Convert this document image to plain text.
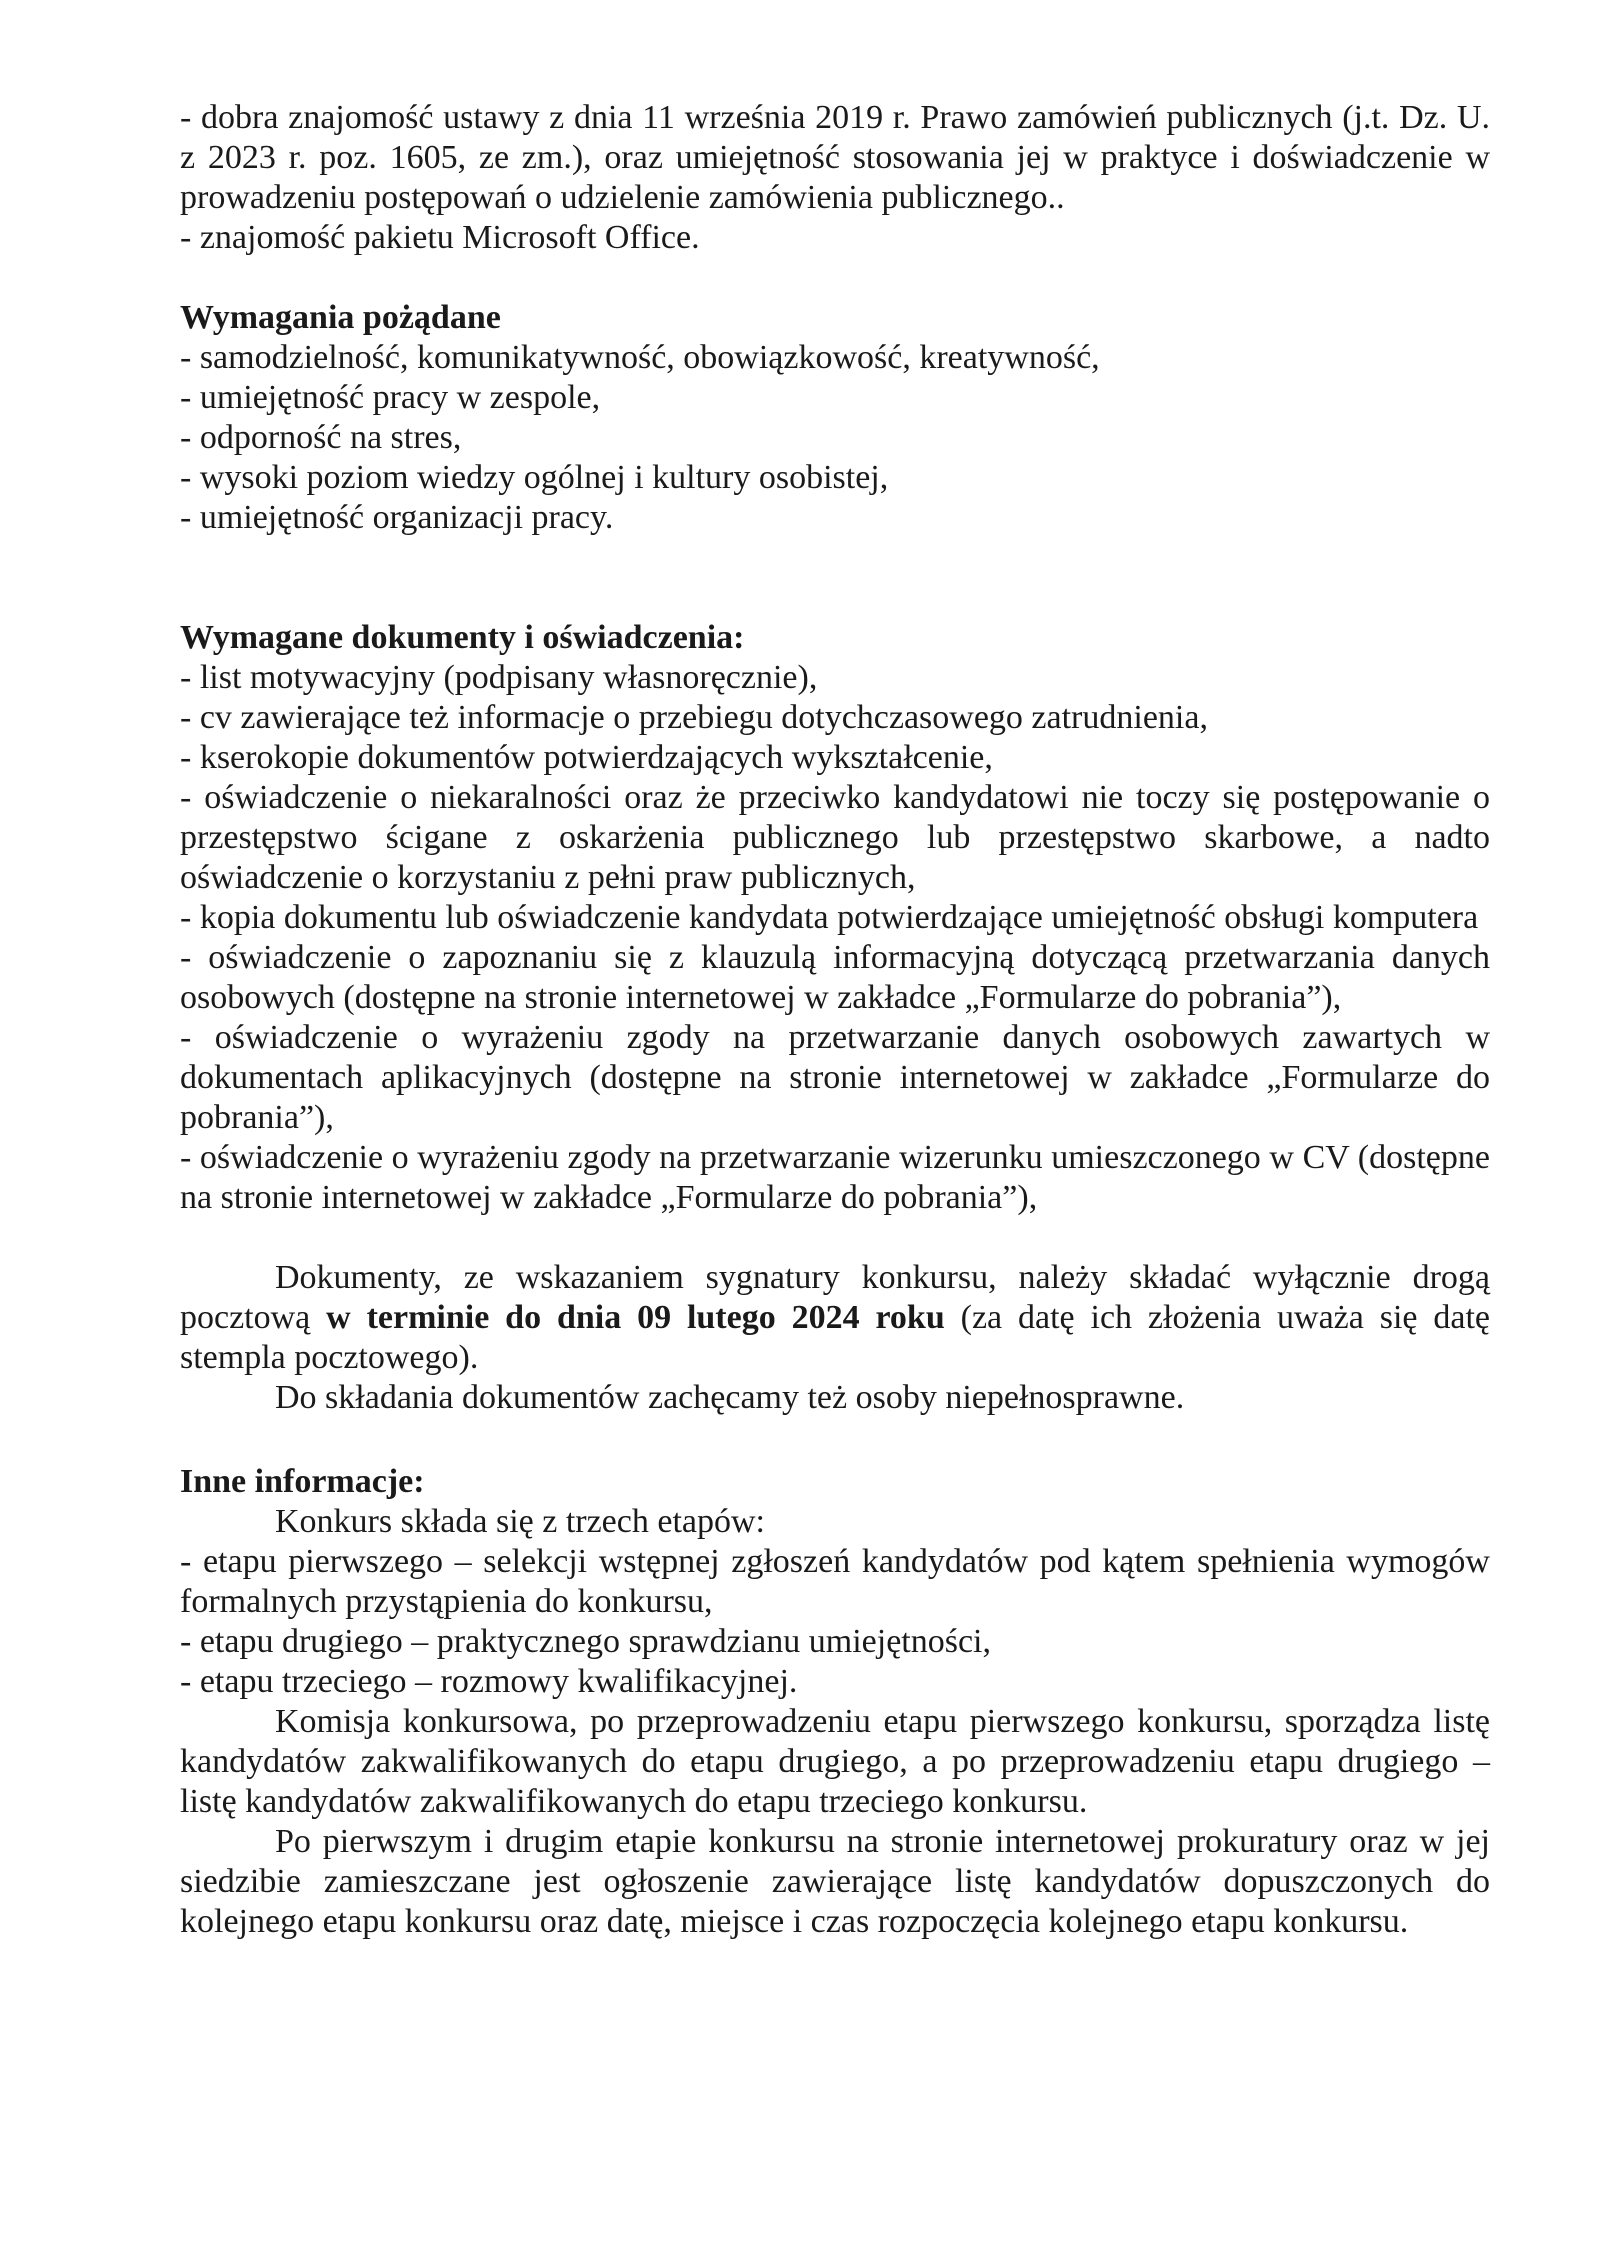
- dobra znajomość ustawy z dnia 11 września 2019 r. Prawo zamówień publicznych (j.t. Dz. U. z 2023 r. poz. 1605, ze zm.), oraz umiejętność stosowania jej w praktyce i doświadczenie w prowadzeniu postępowań o udzielenie zamówienia publicznego..
- znajomość pakietu Microsoft Office.

Wymagania pożądane

- samodzielność, komunikatywność, obowiązkowość, kreatywność,
- umiejętność pracy w zespole,
- odporność na stres,
- wysoki poziom wiedzy ogólnej i kultury osobistej,
- umiejętność organizacji pracy.

Wymagane dokumenty i oświadczenia:

- list motywacyjny (podpisany własnoręcznie),
- cv zawierające też informacje o przebiegu dotychczasowego zatrudnienia,
- kserokopie dokumentów potwierdzających wykształcenie,
- oświadczenie o niekaralności oraz że przeciwko kandydatowi nie toczy się postępowanie o przestępstwo ścigane z oskarżenia publicznego lub przestępstwo skarbowe, a nadto oświadczenie o korzystaniu z pełni praw publicznych,
- kopia dokumentu lub oświadczenie kandydata potwierdzające umiejętność obsługi komputera
- oświadczenie o zapoznaniu się z klauzulą informacyjną dotyczącą przetwarzania danych osobowych (dostępne na stronie internetowej w zakładce „Formularze do pobrania”),
- oświadczenie o wyrażeniu zgody na przetwarzanie danych osobowych zawartych w dokumentach aplikacyjnych (dostępne na stronie internetowej w zakładce „Formularze do pobrania”),
- oświadczenie o wyrażeniu zgody na przetwarzanie wizerunku umieszczonego w CV (dostępne na stronie internetowej w zakładce „Formularze do pobrania”),

Dokumenty, ze wskazaniem sygnatury konkursu, należy składać wyłącznie drogą pocztową w terminie do dnia 09 lutego 2024 roku (za datę ich złożenia uważa się datę stempla pocztowego).

Do składania dokumentów zachęcamy też osoby niepełnosprawne.

Inne informacje:

Konkurs składa się z trzech etapów:

- etapu pierwszego – selekcji wstępnej zgłoszeń kandydatów pod kątem spełnienia wymogów formalnych przystąpienia do konkursu,
- etapu drugiego – praktycznego sprawdzianu umiejętności,
- etapu trzeciego – rozmowy kwalifikacyjnej.

Komisja konkursowa, po przeprowadzeniu etapu pierwszego konkursu, sporządza listę kandydatów zakwalifikowanych do etapu drugiego, a po przeprowadzeniu etapu drugiego – listę kandydatów zakwalifikowanych do etapu trzeciego konkursu.

Po pierwszym i drugim etapie konkursu na stronie internetowej prokuratury oraz w jej siedzibie zamieszczane jest ogłoszenie zawierające listę kandydatów dopuszczonych do kolejnego etapu konkursu oraz datę, miejsce i czas rozpoczęcia kolejnego etapu konkursu.
